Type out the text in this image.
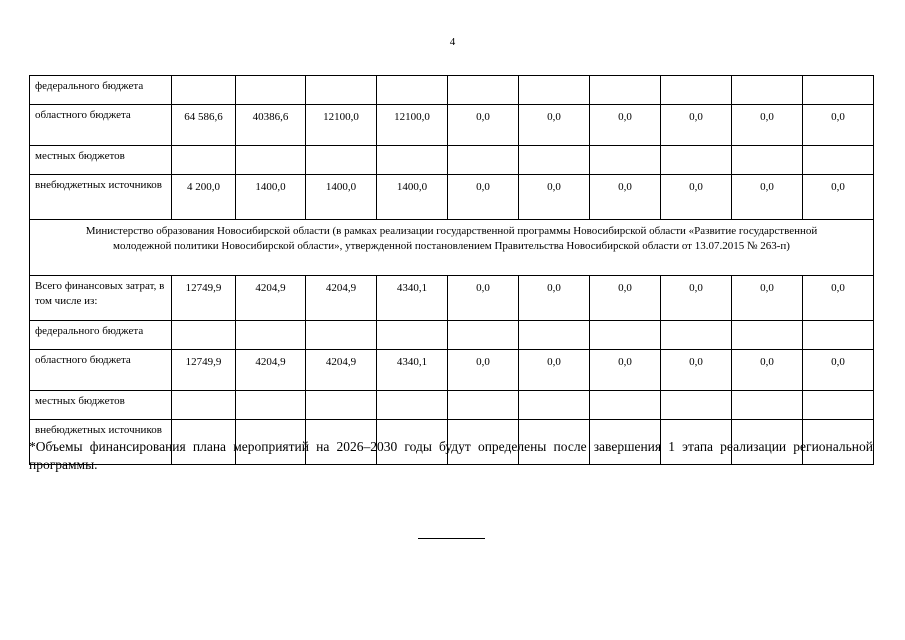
4
федерального бюджета										
областного бюджета	64 586,6	40386,6	12100,0	12100,0	0,0	0,0	0,0	0,0	0,0	0,0
местных бюджетов										
внебюджетных источников	4 200,0	1400,0	1400,0	1400,0	0,0	0,0	0,0	0,0	0,0	0,0
Министерство образования Новосибирской области (в рамках реализации государственной программы Новосибирской области «Развитие государственной молодежной политики Новосибирской области», утвержденной постановлением Правительства Новосибирской области от 13.07.2015 № 263-п)										
Всего финансовых затрат, в том числе из:	12749,9	4204,9	4204,9	4340,1	0,0	0,0	0,0	0,0	0,0	0,0
федерального бюджета										
областного бюджета	12749,9	4204,9	4204,9	4340,1	0,0	0,0	0,0	0,0	0,0	0,0
местных бюджетов										
внебюджетных источников										
*Объемы финансирования плана мероприятий на 2026–2030 годы будут определены после завершения 1 этапа реализации региональной программы.
